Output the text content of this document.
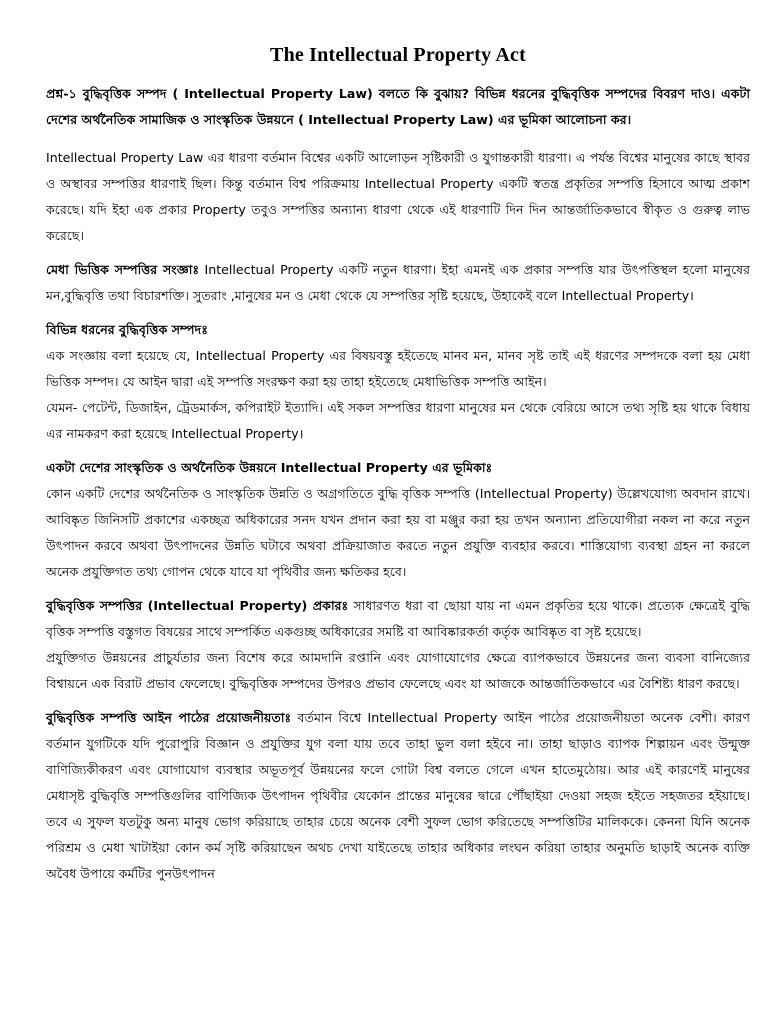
The Intellectual Property Act

প্রশ্ন-১ বুদ্ধিবৃত্তিক সম্পদ ( Intellectual Property Law) বলতে কি বুঝায়? বিভিন্ন ধরনের বুদ্ধিবৃত্তিক সম্পদের বিবরণ দাও। একটা দেশের অর্থনৈতিক সামাজিক ও সাংস্কৃতিক উন্নয়নে ( Intellectual Property Law) এর ভূমিকা আলোচনা কর।

Intellectual Property Law এর ধারণা বর্তমান বিশ্বের একটি আলোড়ন সৃষ্টিকারী ও যুগান্তকারী ধারণা। এ পর্যন্ত বিশ্বের মানুষের কাছে স্থাবর ও অস্থাবর সম্পত্তির ধারণাই ছিল। কিন্তু বর্তমান বিশ্ব পরিক্রমায় Intellectual Property একটি স্বতন্ত্র প্রকৃতির সম্পত্তি হিসাবে আত্ম প্রকাশ করেছে। যদি ইহা এক প্রকার Property তবুও সম্পত্তির অন্যান্য ধারণা থেকে এই ধারণাটি দিন দিন আন্তর্জাতিকভাবে স্বীকৃত ও গুরুত্ব লাভ করেছে।

মেধা ভিত্তিক সম্পত্তির সংজ্ঞাঃ Intellectual Property একটি নতুন ধারণা। ইহা এমনই এক প্রকার সম্পত্তি যার উৎপত্তিস্থল হলো মানুষের মন,বুদ্ধিবৃত্তি তথা বিচারশক্তি। সুতরাং ,মানুষের মন ও মেধা থেকে যে সম্পত্তির সৃষ্টি হয়েছে, উহাকেই বলে Intellectual Property।

বিভিন্ন ধরনের বুদ্ধিবৃত্তিক সম্পদঃ

এক সংজ্ঞায় বলা হয়েছে যে, Intellectual Property এর বিষয়বস্তু হইতেছে মানব মন, মানব সৃষ্ট তাই এই ধরণের সম্পদকে বলা হয় মেধা ভিত্তিক সম্পদ। যে আইন দ্বারা এই সম্পত্তি সংরক্ষণ করা হয় তাহা হইতেছে মেধাভিত্তিক সম্পত্তি আইন।

যেমন- পেটেন্ট, ডিজাইন, ট্রেডমার্কস, কপিরাইট ইত্যাদি। এই সকল সম্পত্তির ধারণা মানুষের মন থেকে বেরিয়ে আসে তথ্য সৃষ্টি হয় থাকে বিধায় এর নামকরণ করা হয়েছে Intellectual Property।

একটা দেশের সাংস্কৃতিক ও অর্থনৈতিক উন্নয়নে Intellectual Property এর ভূমিকাঃ

কোন একটি দেশের অর্থনৈতিক ও সাংস্কৃতিক উন্নতি ও অগ্রগতিতে বুদ্ধি বৃত্তিক সম্পত্তি (Intellectual Property) উল্লেখযোগ্য অবদান রাখে। আবিষ্কৃত জিনিসটি প্রকাশের একচ্ছত্র অধিকারের সনদ যখন প্রদান করা হয় বা মঞ্জুর করা হয় তখন অন্যান্য প্রতিযোগীরা নকল না করে নতুন উৎপাদন করবে অথবা উৎপাদনের উন্নতি ঘটাবে অথবা প্রক্রিয়াজাত করতে নতুন প্রযুক্তি ব্যবহার করবে। শাস্তিযোগ্য ব্যবস্থা গ্রহন না করলে অনেক প্রযুক্তিগত তথ্য গোপন থেকে যাবে যা পৃথিবীর জন্য ক্ষতিকর হবে।

বুদ্ধিবৃত্তিক সম্পত্তির (Intellectual Property) প্রকারঃ সাধারণত ধরা বা ছোয়া যায় না এমন প্রকৃতির হয়ে থাকে। প্রত্যেক ক্ষেত্রেই বুদ্ধি বৃত্তিক সম্পত্তি বস্তুগত বিষয়ের সাথে সম্পর্কিত একগুচ্ছ অধিকারের সমষ্টি বা আবিষ্কারকর্তা কর্তৃক আবিষ্কৃত বা সৃষ্ট হয়েছে।

প্রযুক্তিগত উন্নয়নের প্রাচুর্যতার জন্য বিশেষ করে আমদানি রপ্তানি এবং যোগাযোগের ক্ষেত্রে ব্যাপকভাবে উন্নয়নের জন্য ব্যবসা বানিজ্যের বিশ্বায়নে এক বিরাট প্রভাব ফেলেছে। বুদ্ধিবৃত্তিক সম্পদের উপরও প্রভাব ফেলেছে এবং যা আজকে আন্তর্জাতিকভাবে এর বৈশিষ্ট্য ধারণ করছে।

বুদ্ধিবৃত্তিক সম্পত্তি আইন পাঠের প্রয়োজনীয়তাঃ বর্তমান বিশ্বে Intellectual Property আইন পাঠের প্রয়োজনীয়তা অনেক বেশী। কারণ বর্তমান যুগটিকে যদি পুরোপুরি বিজ্ঞান ও প্রযুক্তির যুগ বলা যায় তবে তাহা ভুল বলা হইবে না। তাহা ছাড়াও ব্যাপক শিল্পায়ন এবং উন্মুক্ত বাণিজ্যিকীকরণ এবং যোগাযোগ ব্যবস্থার অভূতপূর্ব উন্নয়নের ফলে গোটা বিশ্ব বলতে গেলে এখন হাতেমুঠোয়। আর এই কারণেই মানুষের মেধাসৃষ্ট বুদ্ধিবৃত্তি সম্পত্তিগুলির বাণিজ্যিক উৎপাদন পৃথিবীর যেকোন প্রান্তের মানুষের দ্বারে পৌঁছাইয়া দেওয়া সহজ হইতে সহজতর হইয়াছে। তবে এ সুফল যতটুকু অন্য মানুষ ভোগ করিয়াছে তাহার চেয়ে অনেক বেশী সুফল ভোগ করিতেছে সম্পত্তিটির মালিককে। কেননা যিনি অনেক পরিশ্রম ও মেধা খাটাইয়া কোন কর্ম সৃষ্টি করিয়াছেন অথচ দেখা যাইতেছে তাহার অধিকার লংঘন করিয়া তাহার অনুমতি ছাড়াই অনেক ব্যক্তি অবৈধ উপায়ে কর্মটির পুনউৎপাদন
